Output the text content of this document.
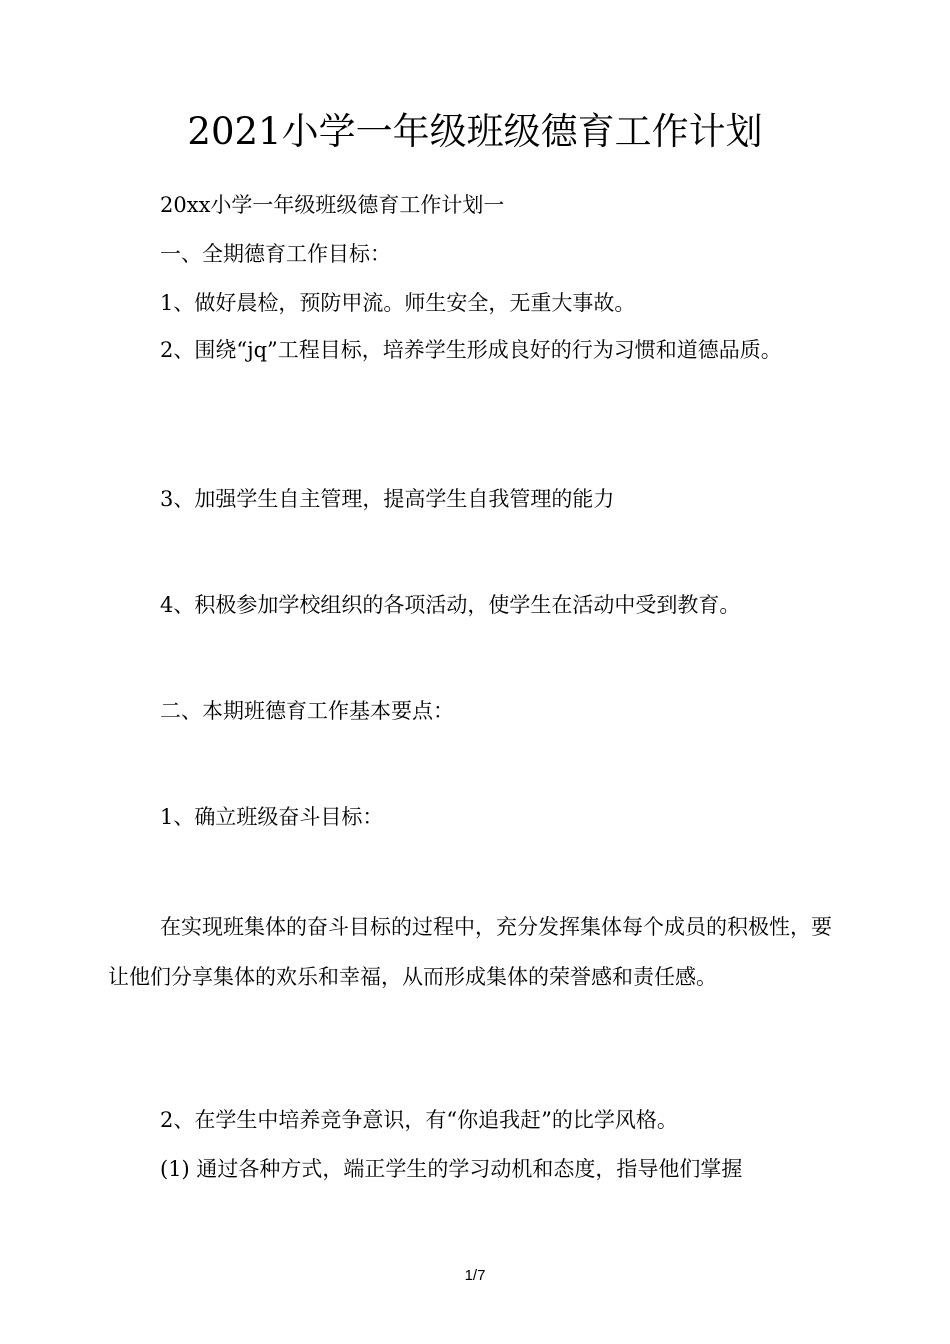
2021小学一年级班级德育工作计划

20xx小学一年级班级德育工作计划一

一、全期德育工作目标：

1、做好晨检，预防甲流。师生安全，无重大事故。

2、围绕“jq”工程目标，培养学生形成良好的行为习惯和道德品质。

3、加强学生自主管理，提高学生自我管理的能力

4、积极参加学校组织的各项活动，使学生在活动中受到教育。

二、本期班德育工作基本要点：

1、确立班级奋斗目标：

在实现班集体的奋斗目标的过程中，充分发挥集体每个成员的积极性，要让他们分享集体的欢乐和幸福，从而形成集体的荣誉感和责任感。

2、在学生中培养竞争意识，有“你追我赶”的比学风格。

(1) 通过各种方式，端正学生的学习动机和态度，指导他们掌握

1/7
